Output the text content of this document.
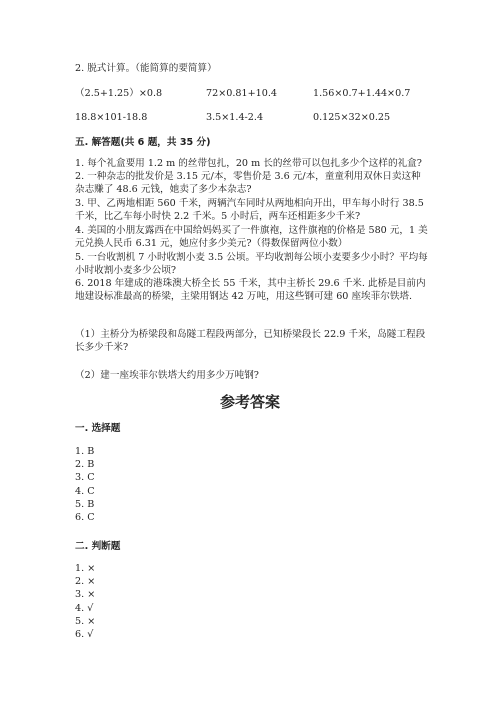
2. 脱式计算。（能简算的要简算）
（2.5+1.25）×0.8	72×0.81+10.4	1.56×0.7+1.44×0.7
18.8×101-18.8	3.5×1.4-2.4	0.125×32×0.25
五. 解答题(共 6 题，共 35 分)
1. 每个礼盒要用 1.2 m 的丝带包扎，20 m 长的丝带可以包扎多少个这样的礼盒?
2. 一种杂志的批发价是 3.15 元/本，零售价是 3.6 元/本，童童利用双休日卖这种杂志赚了 48.6 元钱，她卖了多少本杂志?
3. 甲、乙两地相距 560 千米，两辆汽车同时从两地相向开出，甲车每小时行 38.5 千米，比乙车每小时快 2.2 千米。5 小时后，两车还相距多少千米?
4. 美国的小朋友露西在中国给妈妈买了一件旗袍，这件旗袍的价格是 580 元，1 美元兑换人民币 6.31 元，她应付多少美元?（得数保留两位小数）
5. 一台收割机 7 小时收割小麦 3.5 公顷。平均收割每公顷小麦要多少小时？平均每小时收割小麦多少公顷?
6. 2018 年建成的港珠澳大桥全长 55 千米，其中主桥长 29.6 千米. 此桥是目前内地建设标准最高的桥梁，主梁用钢达 42 万吨，用这些钢可建 60 座埃菲尔铁塔.
（1）主桥分为桥梁段和岛隧工程段两部分，已知桥梁段长 22.9 千米，岛隧工程段长多少千米?
（2）建一座埃菲尔铁塔大约用多少万吨钢?
参考答案
一. 选择题
1. B
2. B
3. C
4. C
5. B
6. C
二. 判断题
1. ×
2. ×
3. ×
4. √
5. ×
6. √
